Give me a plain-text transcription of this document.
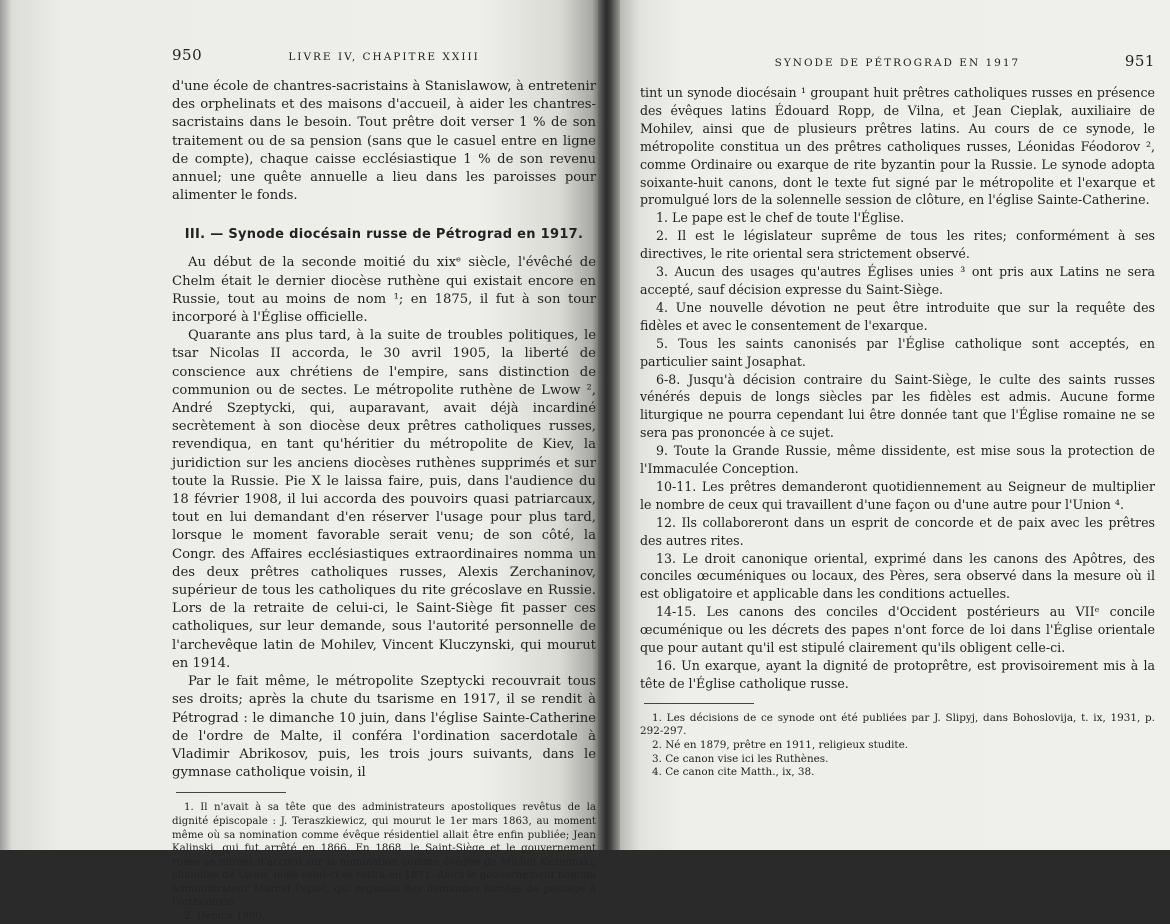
950	LIVRE IV, CHAPITRE XXIII

d'une école de chantres-sacristains à Stanislawow, à entretenir des orphelinats et des maisons d'accueil, à aider les chantres-sacristains dans le besoin. Tout prêtre doit verser 1 % de son traitement ou de sa pension (sans que le casuel entre en ligne de compte), chaque caisse ecclésiastique 1 % de son revenu annuel; une quête annuelle a lieu dans les paroisses pour alimenter le fonds.

III. — Synode diocésain russe de Pétrograd en 1917.

Au début de la seconde moitié du xixᵉ siècle, l'évêché de Chelm était le dernier diocèse ruthène qui existait encore en Russie, tout au moins de nom ¹; en 1875, il fut à son tour incorporé à l'Église officielle.

Quarante ans plus tard, à la suite de troubles politiques, le tsar Nicolas II accorda, le 30 avril 1905, la liberté de conscience aux chrétiens de l'empire, sans distinction de communion ou de sectes. Le métropolite ruthène de Lwow ², André Szeptycki, qui, auparavant, avait déjà incardiné secrètement à son diocèse deux prêtres catholiques russes, revendiqua, en tant qu'héritier du métropolite de Kiev, la juridiction sur les anciens diocèses ruthènes supprimés et sur toute la Russie. Pie X le laissa faire, puis, dans l'audience du 18 février 1908, il lui accorda des pouvoirs quasi patriarcaux, tout en lui demandant d'en réserver l'usage pour plus tard, lorsque le moment favorable serait venu; de son côté, la Congr. des Affaires ecclésiastiques extraordinaires nomma un des deux prêtres catholiques russes, Alexis Zerchaninov, supérieur de tous les catholiques du rite grécoslave en Russie. Lors de la retraite de celui-ci, le Saint-Siège fit passer ces catholiques, sur leur demande, sous l'autorité personnelle de l'archevêque latin de Mohilev, Vincent Kluczynski, qui mourut en 1914.

Par le fait même, le métropolite Szeptycki recouvrait tous ses droits; après la chute du tsarisme en 1917, il se rendit à Pétrograd : le dimanche 10 juin, dans l'église Sainte-Catherine de l'ordre de Malte, il conféra l'ordination sacerdotale à Vladimir Abrikosov, puis, les trois jours suivants, dans le gymnase catholique voisin, il

1. Il n'avait à sa tête que des administrateurs apostoliques revêtus de la dignité épiscopale : J. Teraszkiewicz, qui mourut le 1er mars 1863, au moment même où sa nomination comme évêque résidentiel allait être enfin publiée; Jean Kalinski, qui fut arrêté en 1866. En 1868, le Saint-Siège et le gouvernement russe se mirent d'accord sur la nomination comme évêque de Michel Kuziemski, chanoine de Lwow, mais celui-ci se retira en 1871. Alors le gouvernement nomma administrateur Marcel Popiel, qui organisa des demandes forcées de passage à l'orthodoxie.

2. Depuis 1900.

SYNODE DE PÉTROGRAD EN 1917	951

tint un synode diocésain ¹ groupant huit prêtres catholiques russes en présence des évêques latins Édouard Ropp, de Vilna, et Jean Cieplak, auxiliaire de Mohilev, ainsi que de plusieurs prêtres latins. Au cours de ce synode, le métropolite constitua un des prêtres catholiques russes, Léonidas Féodorov ², comme Ordinaire ou exarque de rite byzantin pour la Russie. Le synode adopta soixante-huit canons, dont le texte fut signé par le métropolite et l'exarque et promulgué lors de la solennelle session de clôture, en l'église Sainte-Catherine.

1. Le pape est le chef de toute l'Église.

2. Il est le législateur suprême de tous les rites; conformément à ses directives, le rite oriental sera strictement observé.

3. Aucun des usages qu'autres Églises unies ³ ont pris aux Latins ne sera accepté, sauf décision expresse du Saint-Siège.

4. Une nouvelle dévotion ne peut être introduite que sur la requête des fidèles et avec le consentement de l'exarque.

5. Tous les saints canonisés par l'Église catholique sont acceptés, en particulier saint Josaphat.

6-8. Jusqu'à décision contraire du Saint-Siège, le culte des saints russes vénérés depuis de longs siècles par les fidèles est admis. Aucune forme liturgique ne pourra cependant lui être donnée tant que l'Église romaine ne se sera pas prononcée à ce sujet.

9. Toute la Grande Russie, même dissidente, est mise sous la protection de l'Immaculée Conception.

10-11. Les prêtres demanderont quotidiennement au Seigneur de multiplier le nombre de ceux qui travaillent d'une façon ou d'une autre pour l'Union ⁴.

12. Ils collaboreront dans un esprit de concorde et de paix avec les prêtres des autres rites.

13. Le droit canonique oriental, exprimé dans les canons des Apôtres, des conciles œcuméniques ou locaux, des Pères, sera observé dans la mesure où il est obligatoire et applicable dans les conditions actuelles.

14-15. Les canons des conciles d'Occident postérieurs au VIIᵉ concile œcuménique ou les décrets des papes n'ont force de loi dans l'Église orientale que pour autant qu'il est stipulé clairement qu'ils obligent celle-ci.

16. Un exarque, ayant la dignité de protoprêtre, est provisoirement mis à la tête de l'Église catholique russe.

1. Les décisions de ce synode ont été publiées par J. Slipyj, dans Bohoslovija, t. ix, 1931, p. 292-297.

2. Né en 1879, prêtre en 1911, religieux studite.

3. Ce canon vise ici les Ruthènes.

4. Ce canon cite Matth., ix, 38.
